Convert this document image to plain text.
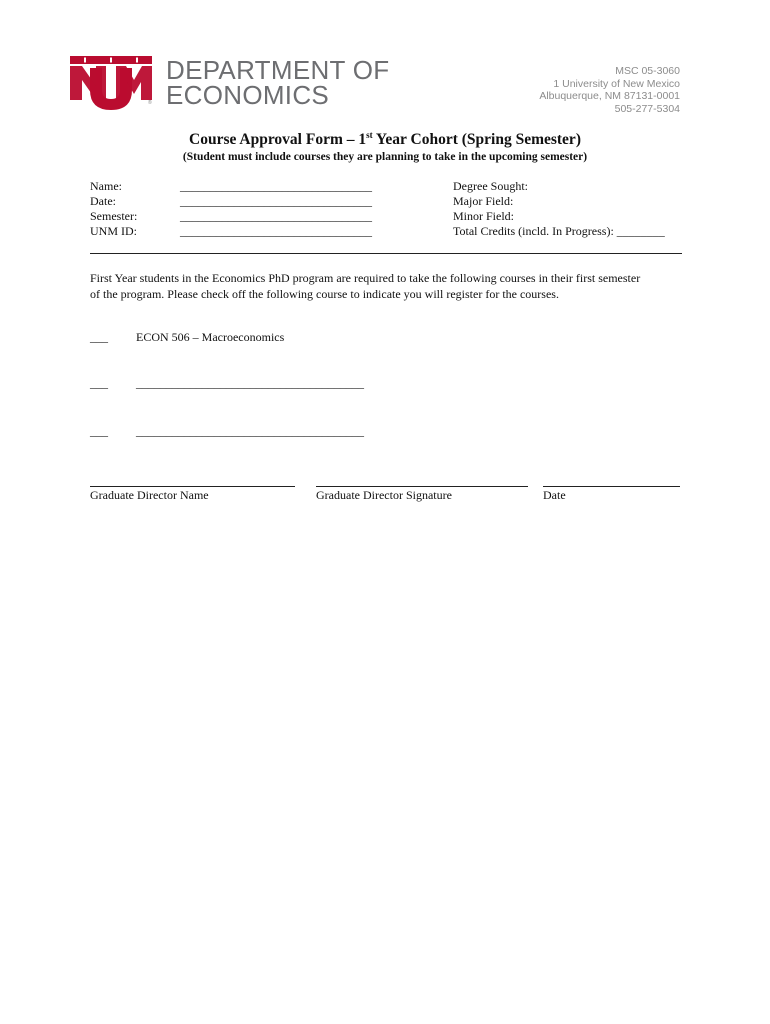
®
DEPARTMENT OF
ECONOMICS
MSC 05-3060
1 University of New Mexico
Albuquerque, NM 87131-0001
505-277-5304
Course Approval Form – 1st Year Cohort (Spring Semester)
(Student must include courses they are planning to take in the upcoming semester)
Name:
Date:
Semester:
UNM ID:
________________________________
________________________________
________________________________
________________________________
Degree Sought:
Major Field:
Minor Field:
Total Credits (incld. In Progress): ________
First Year students in the Economics PhD program are required to take the following courses in their first semester
of the program. Please check off the following course to indicate you will register for the courses.
___ ECON 506 – Macroeconomics
___ ______________________________________
___ ______________________________________
Graduate Director Name	Graduate Director Signature	Date
